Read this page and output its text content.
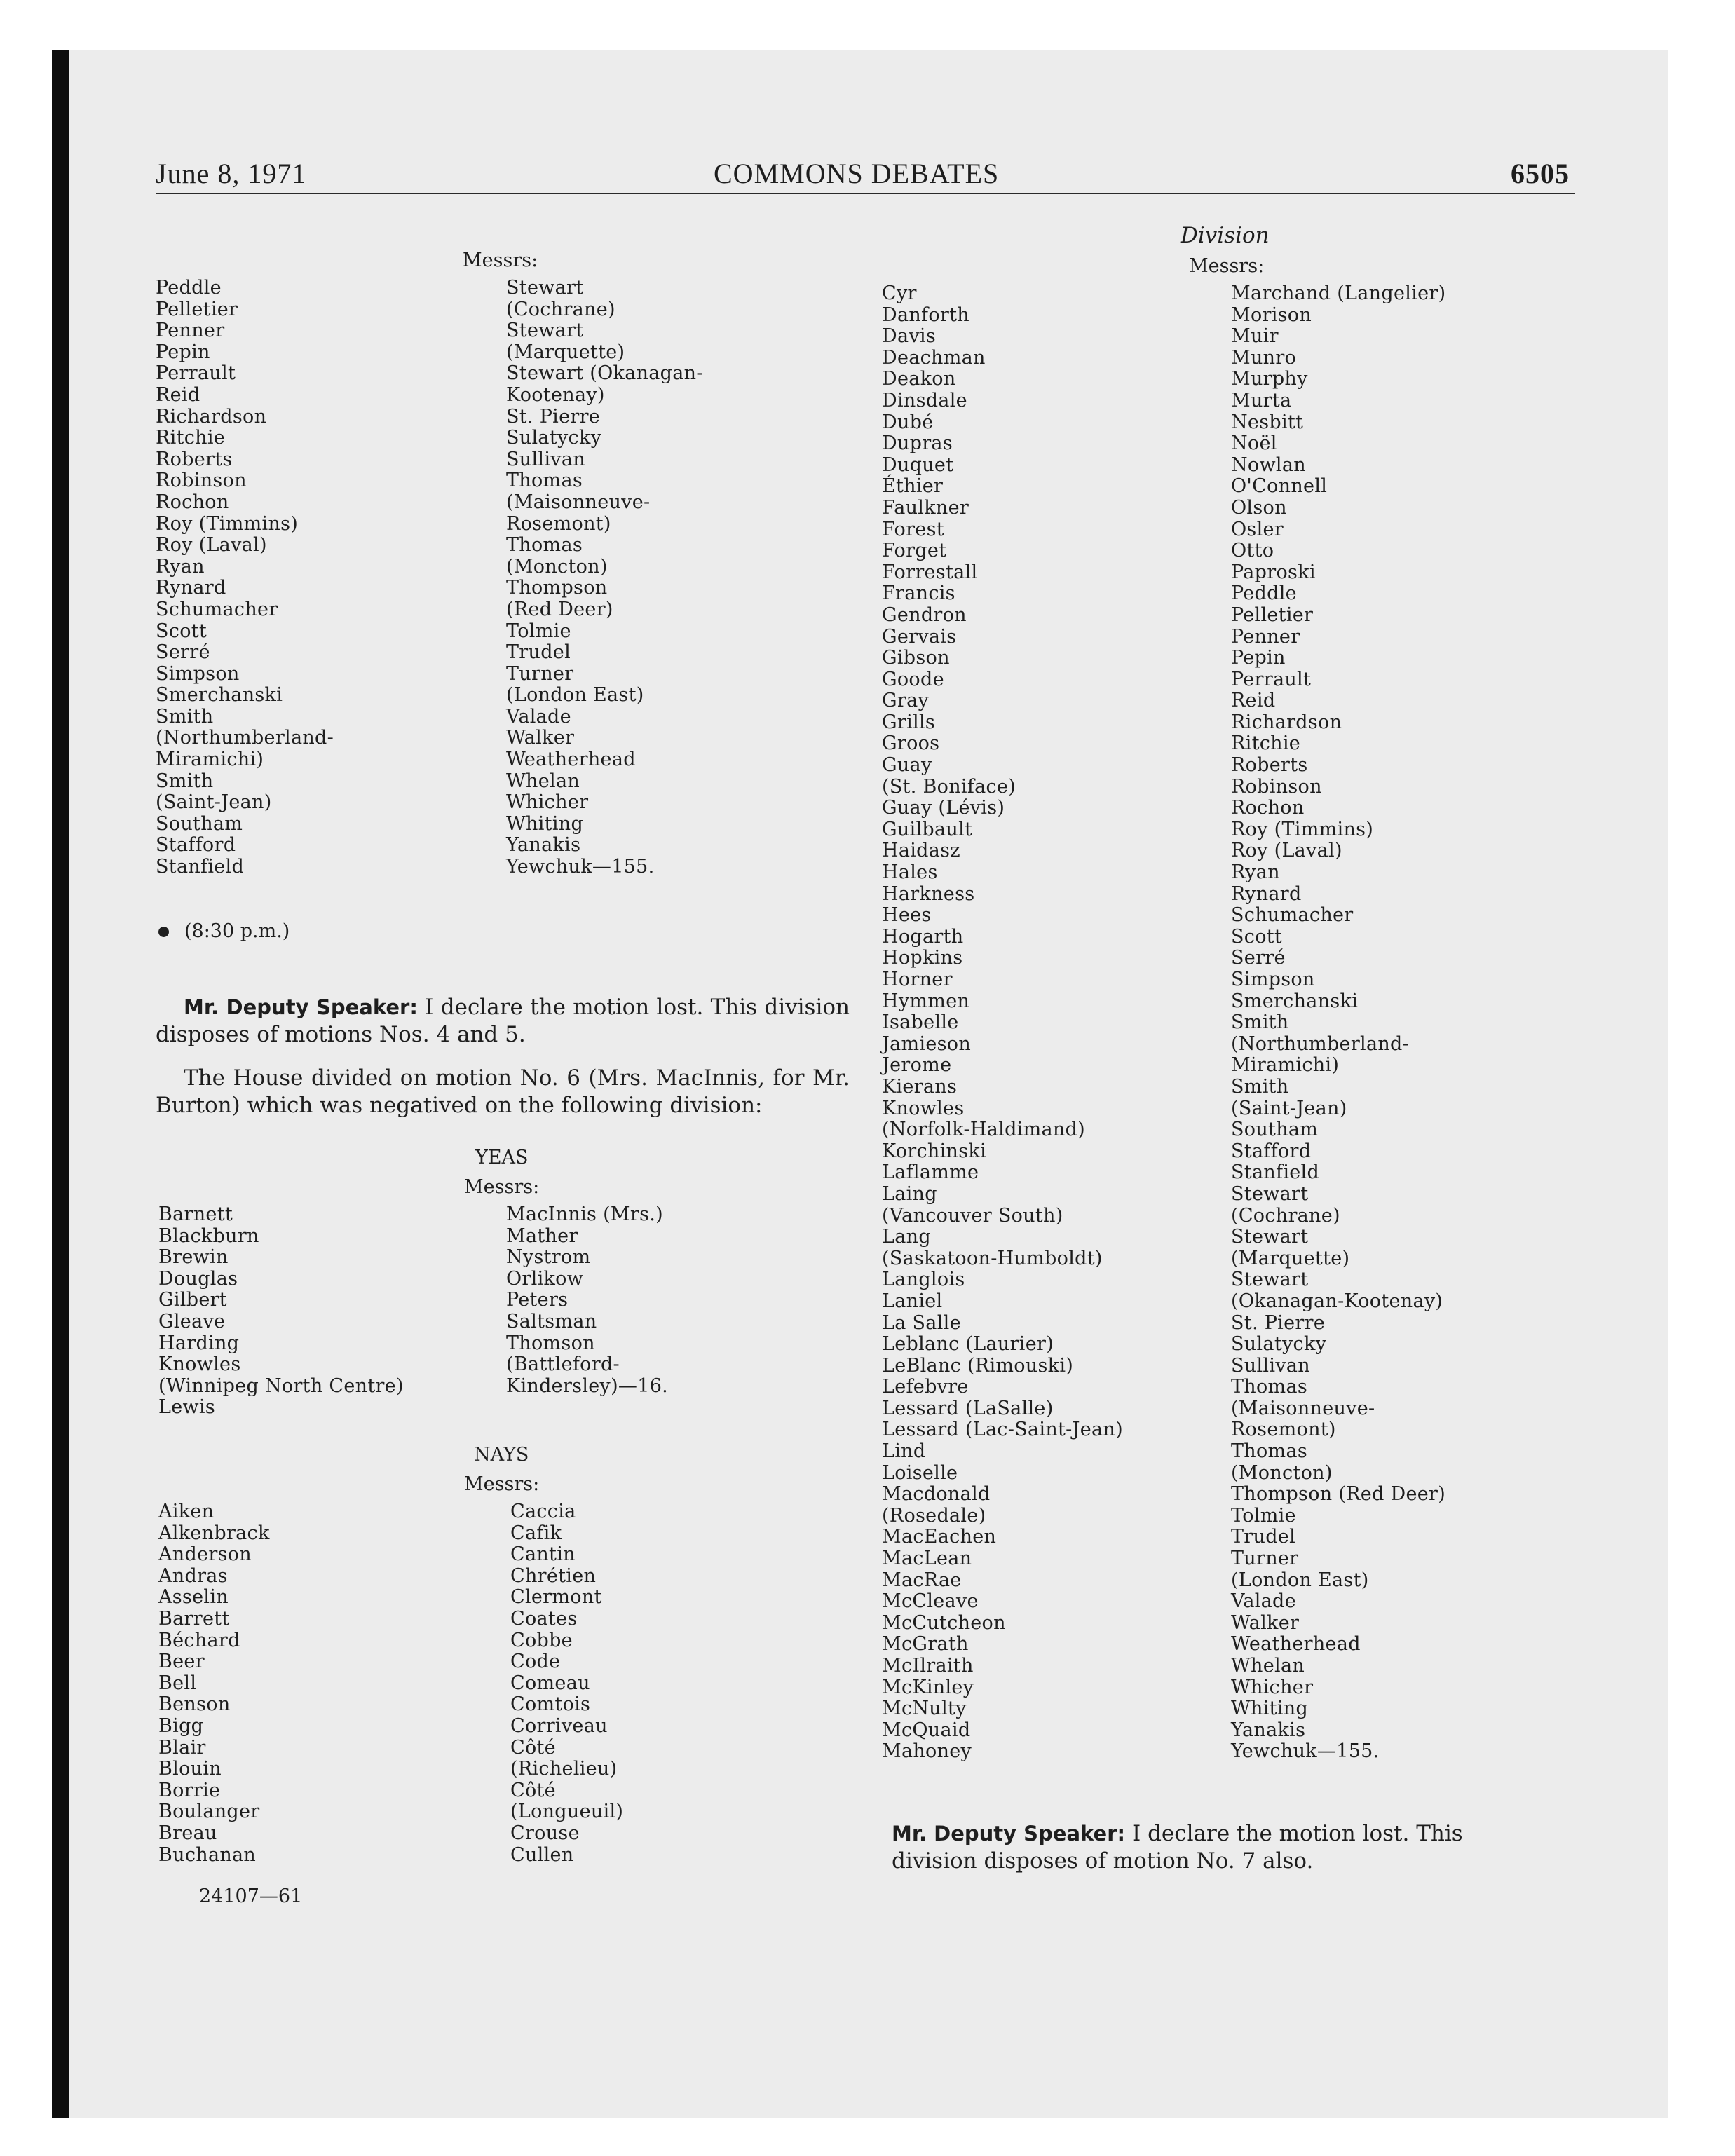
June 8, 1971	COMMONS DEBATES	6505
Messrs:
Peddle
Pelletier
Penner
Pepin
Perrault
Reid
Richardson
Ritchie
Roberts
Robinson
Rochon
Roy (Timmins)
Roy (Laval)
Ryan
Rynard
Schumacher
Scott
Serré
Simpson
Smerchanski
Smith
(Northumberland-
Miramichi)
Smith
(Saint-Jean)
Southam
Stafford
Stanfield
Stewart
(Cochrane)
Stewart
(Marquette)
Stewart (Okanagan-
Kootenay)
St. Pierre
Sulatycky
Sullivan
Thomas
(Maisonneuve-
Rosemont)
Thomas
(Moncton)
Thompson
(Red Deer)
Tolmie
Trudel
Turner
(London East)
Valade
Walker
Weatherhead
Whelan
Whicher
Whiting
Yanakis
Yewchuk—155.
(8:30 p.m.)

Mr. Deputy Speaker: I declare the motion lost. This division disposes of motions Nos. 4 and 5.

The House divided on motion No. 6 (Mrs. MacInnis, for Mr. Burton) which was negatived on the following division:

YEAS
Messrs:
Barnett
Blackburn
Brewin
Douglas
Gilbert
Gleave
Harding
Knowles
(Winnipeg North Centre)
Lewis
MacInnis (Mrs.)
Mather
Nystrom
Orlikow
Peters
Saltsman
Thomson
(Battleford-
Kindersley)—16.
NAYS
Messrs:
Aiken
Alkenbrack
Anderson
Andras
Asselin
Barrett
Béchard
Beer
Bell
Benson
Bigg
Blair
Blouin
Borrie
Boulanger
Breau
Buchanan
Caccia
Cafik
Cantin
Chrétien
Clermont
Coates
Cobbe
Code
Comeau
Comtois
Corriveau
Côté
(Richelieu)
Côté
(Longueuil)
Crouse
Cullen
24107—61
Division
Messrs:
Cyr
Danforth
Davis
Deachman
Deakon
Dinsdale
Dubé
Dupras
Duquet
Éthier
Faulkner
Forest
Forget
Forrestall
Francis
Gendron
Gervais
Gibson
Goode
Gray
Grills
Groos
Guay
(St. Boniface)
Guay (Lévis)
Guilbault
Haidasz
Hales
Harkness
Hees
Hogarth
Hopkins
Horner
Hymmen
Isabelle
Jamieson
Jerome
Kierans
Knowles
(Norfolk-Haldimand)
Korchinski
Laflamme
Laing
(Vancouver South)
Lang
(Saskatoon-Humboldt)
Langlois
Laniel
La Salle
Leblanc (Laurier)
LeBlanc (Rimouski)
Lefebvre
Lessard (LaSalle)
Lessard (Lac-Saint-Jean)
Lind
Loiselle
Macdonald
(Rosedale)
MacEachen
MacLean
MacRae
McCleave
McCutcheon
McGrath
McIlraith
McKinley
McNulty
McQuaid
Mahoney
Marchand (Langelier)
Morison
Muir
Munro
Murphy
Murta
Nesbitt
Noël
Nowlan
O'Connell
Olson
Osler
Otto
Paproski
Peddle
Pelletier
Penner
Pepin
Perrault
Reid
Richardson
Ritchie
Roberts
Robinson
Rochon
Roy (Timmins)
Roy (Laval)
Ryan
Rynard
Schumacher
Scott
Serré
Simpson
Smerchanski
Smith
(Northumberland-
Miramichi)
Smith
(Saint-Jean)
Southam
Stafford
Stanfield
Stewart
(Cochrane)
Stewart
(Marquette)
Stewart
(Okanagan-Kootenay)
St. Pierre
Sulatycky
Sullivan
Thomas
(Maisonneuve-
Rosemont)
Thomas
(Moncton)
Thompson (Red Deer)
Tolmie
Trudel
Turner
(London East)
Valade
Walker
Weatherhead
Whelan
Whicher
Whiting
Yanakis
Yewchuk—155.
Mr. Deputy Speaker: I declare the motion lost. This
division disposes of motion No. 7 also.
